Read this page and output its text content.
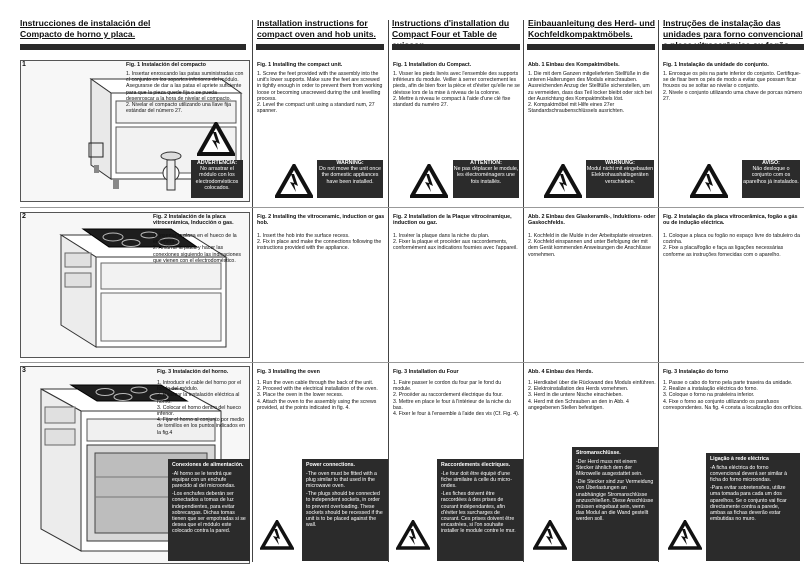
Instrucciones de instalación del
Compacto de horno y placa.
Installation instructions for
compact oven and hob units.
Instructions d'installation du
Compact Four et Table de
Einbauanleitung des Herd- und
Kochfeldkompaktmöbels.
Instruções de instalação das
unidades para forno convencional
1
2
3
Fig. 1 Instalación del compacto

1. Insertar enroscando las patas suministradas con el conjunto en los soportes inferiores del módulo. Asegurarse de dar a las patas el apriete suficiente para que la pieza quede fija o se pueda desenroscar a la hora de nivelar el compacto.

2. Nivelar el compacto utilizando una llave fija estándar del número 27.

ADVERTENCIA:
No arrastrar el módulo con los electrodomésticos colocados.
Fig. 1 Installing the compact unit.

1. Screw the feet provided with the assembly into the unit's lower supports. Make sure the feet are screwed in tightly enough in order to prevent them from working loose or becoming unscrewed during the unit levelling process.

2. Level the compact unit using a standard num, 27 spanner.

WARNING:
Do not move the unit once the domestic appliances have been installed.
Fig. 1 Installation du Compact.

1. Visser les pieds livrés avec l'ensemble des supports inférieurs du module. Veiller à serrer correctement les pieds, afin de bien fixer la pièce et d'éviter qu'elle ne se dévisse lors de la mise à niveau de la colonne.

2. Mettre à niveau le compact à l'aide d'une clé fixe standard du numéro 27.

ATTENTION:
Ne pas déplacer le module, les électroménagers une fois installés.
Abb. 1 Einbau des Kompaktmöbels.

1. Die mit dem Ganzen mitgelieferten Stellfüße in die unteren Halterungen des Moduls einschrauben. Ausreichenden Anzug der Stellfüße sicherstellen, um zu vermeiden, dass das Teil locker bleibt oder sich bei der Ausrichtung des Kompaktmöbels löst.

2. Kompaktmöbel mit Hilfe eines 27er Standardschraubenschlüssels ausrichten.

WARNUNG:
Modul nicht mit eingebauten Elektrohaushaltsgeräten verschieben.
Fig. 1 Instalação da unidade do conjunto.

1. Enrosque os pés na parte inferior do conjunto. Certifique-se de fixar bem os pés de modo a evitar que possam ficar frouxos ou se soltar ao nivelar o conjunto.

2. Nivele o conjunto utilizando uma chave de porcas número 27.

AVISO:
Não desloque o conjunto com os aparelhos já instalados.
Fig. 2 Instalación de la placa vitrocerámica, Inducción o gas.

1. Insertar la placa en el hueco de la encimera.

2. Amarrar la placa y hacer las conexiones siguiendo las indicaciones que vienen con el electrodoméstico.

Fig. 2 Installing the vitroceramic, induction or gas hob.

1. Insert the hob into the surface recess.

2. Fix in place and make the connections following the instructions provided with the appliance.

Fig. 2 Installation de la Plaque vitrocéramique, induction ou gaz.

1. Insérer la plaque dans la niche du plan.

2. Fixer la plaque et procéder aux raccordements, conformément aux indications fournies avec l'appareil.

Abb. 2 Einbau des Glaskeramik-, Induktions- oder Gaskochfelds.

1. Kochfeld in die Mulde in der Arbeitsplatte einsetzen.

2. Kochfeld einspannen und unter Befolgung der mit dem Gerät kommenden Anweisungen die Anschlüsse vornehmen.

Fig. 2 Instalação da placa vitrocerâmica, fogão a gás ou de indução eléctrica.

1. Coloque a placa ou fogão no espaço livre do tabuleiro da cozinha.

2. Fixe a placa/fogão e faça as ligações necessárias conforme as instruções fornecidas com o aparelho.

Fig. 3 Instalación del horno.

1. Introducir el cable del horno por el fondo del módulo.

2. Realizar la instalación eléctrica al horno.

3. Colocar el horno dentro del hueco inferior.

4. Fijar el horno al conjunto por medio de tornillos en los puntos indicados en la fig.4

Conexiones de alimentación.

-Al horno se le tendrá que equipar con un enchufe parecido al del microondas.

-Los enchufes deberán ser conectados a tomas de luz independientes, para evitar sobrecargas. Dichas tomas tienen que ser empotradas si se desea que el módulo este colocado contra la pared.

Fig. 3 Installing the oven

1. Run the oven cable through the back of the unit.

2. Proceed with the electrical installation of the oven.

3. Place the oven in the lower recess.

4. Attach the oven to the assembly using the screws provided, at the points indicated in fig. 4.

Power connections.

-The oven must be fitted with a plug similar to that used in the microwave oven.

-The plugs should be connected to independent sockets, in order to prevent overloading. These sockets should be recessed if the unit is to be placed against the wall.

Fig. 3 Installation du Four

1. Faire passer le cordon du four par le fond du module.

2. Procéder au raccordement électrique du four.

3. Mettre en place le four à l'intérieur de la niche du bas.

4. Fixer le four à l'ensemble à l'aide des vis (Cf. Fig. 4).

Raccordements électriques.

-Le four doit être équipé d'une fiche similaire à celle du micro-ondes.

-Les fiches doivent être raccordées à des prises de courant indépendantes, afin d'éviter les surcharges de courant. Ces prises doivent être encastrées, si l'on souhaite installer le module contre le mur.

Abb. 4 Einbau des Herds.

1. Herdkabel über die Rückwand des Moduls einführen.

2. Elektroinstallation des Herds vornehmen.

3. Herd in die untere Nische einschieben.

4. Herd mit den Schrauben an den in Abb. 4 angegebenen Stellen befestigen.

Stromanschlüsse.

-Der Herd muss mit einem Stecker ähnlich dem der Mikrowelle ausgestattet sein.

-Die Stecker sind zur Vermeidung von Überlastungen an unabhängige Stromanschlüsse anzuschließen. Diese Anschlüsse müssen eingebaut sein, wenn das Modul an die Wand gestellt werden soll.

Fig. 3 Instalação do forno

1. Passe o cabo do forno pela parte traseira da unidade.

2. Realize a instalação eléctrica do forno.

3. Coloque o forno na prateleira inferior.

4. Fixe o forno ao conjunto utilizando os parafusos correspondentes. Na fig. 4 consta a localização dos orifícios.

Ligação à rede eléctrica

-A ficha eléctrica do forno convencional deverá ser similar à ficha do forno microondas.

-Para evitar sobretensões, utilize uma tomada para cada um dos aparelhos. Se o conjunto vai ficar directamente contra a parede, ambas as fichas deverão estar embutidas no muro.
